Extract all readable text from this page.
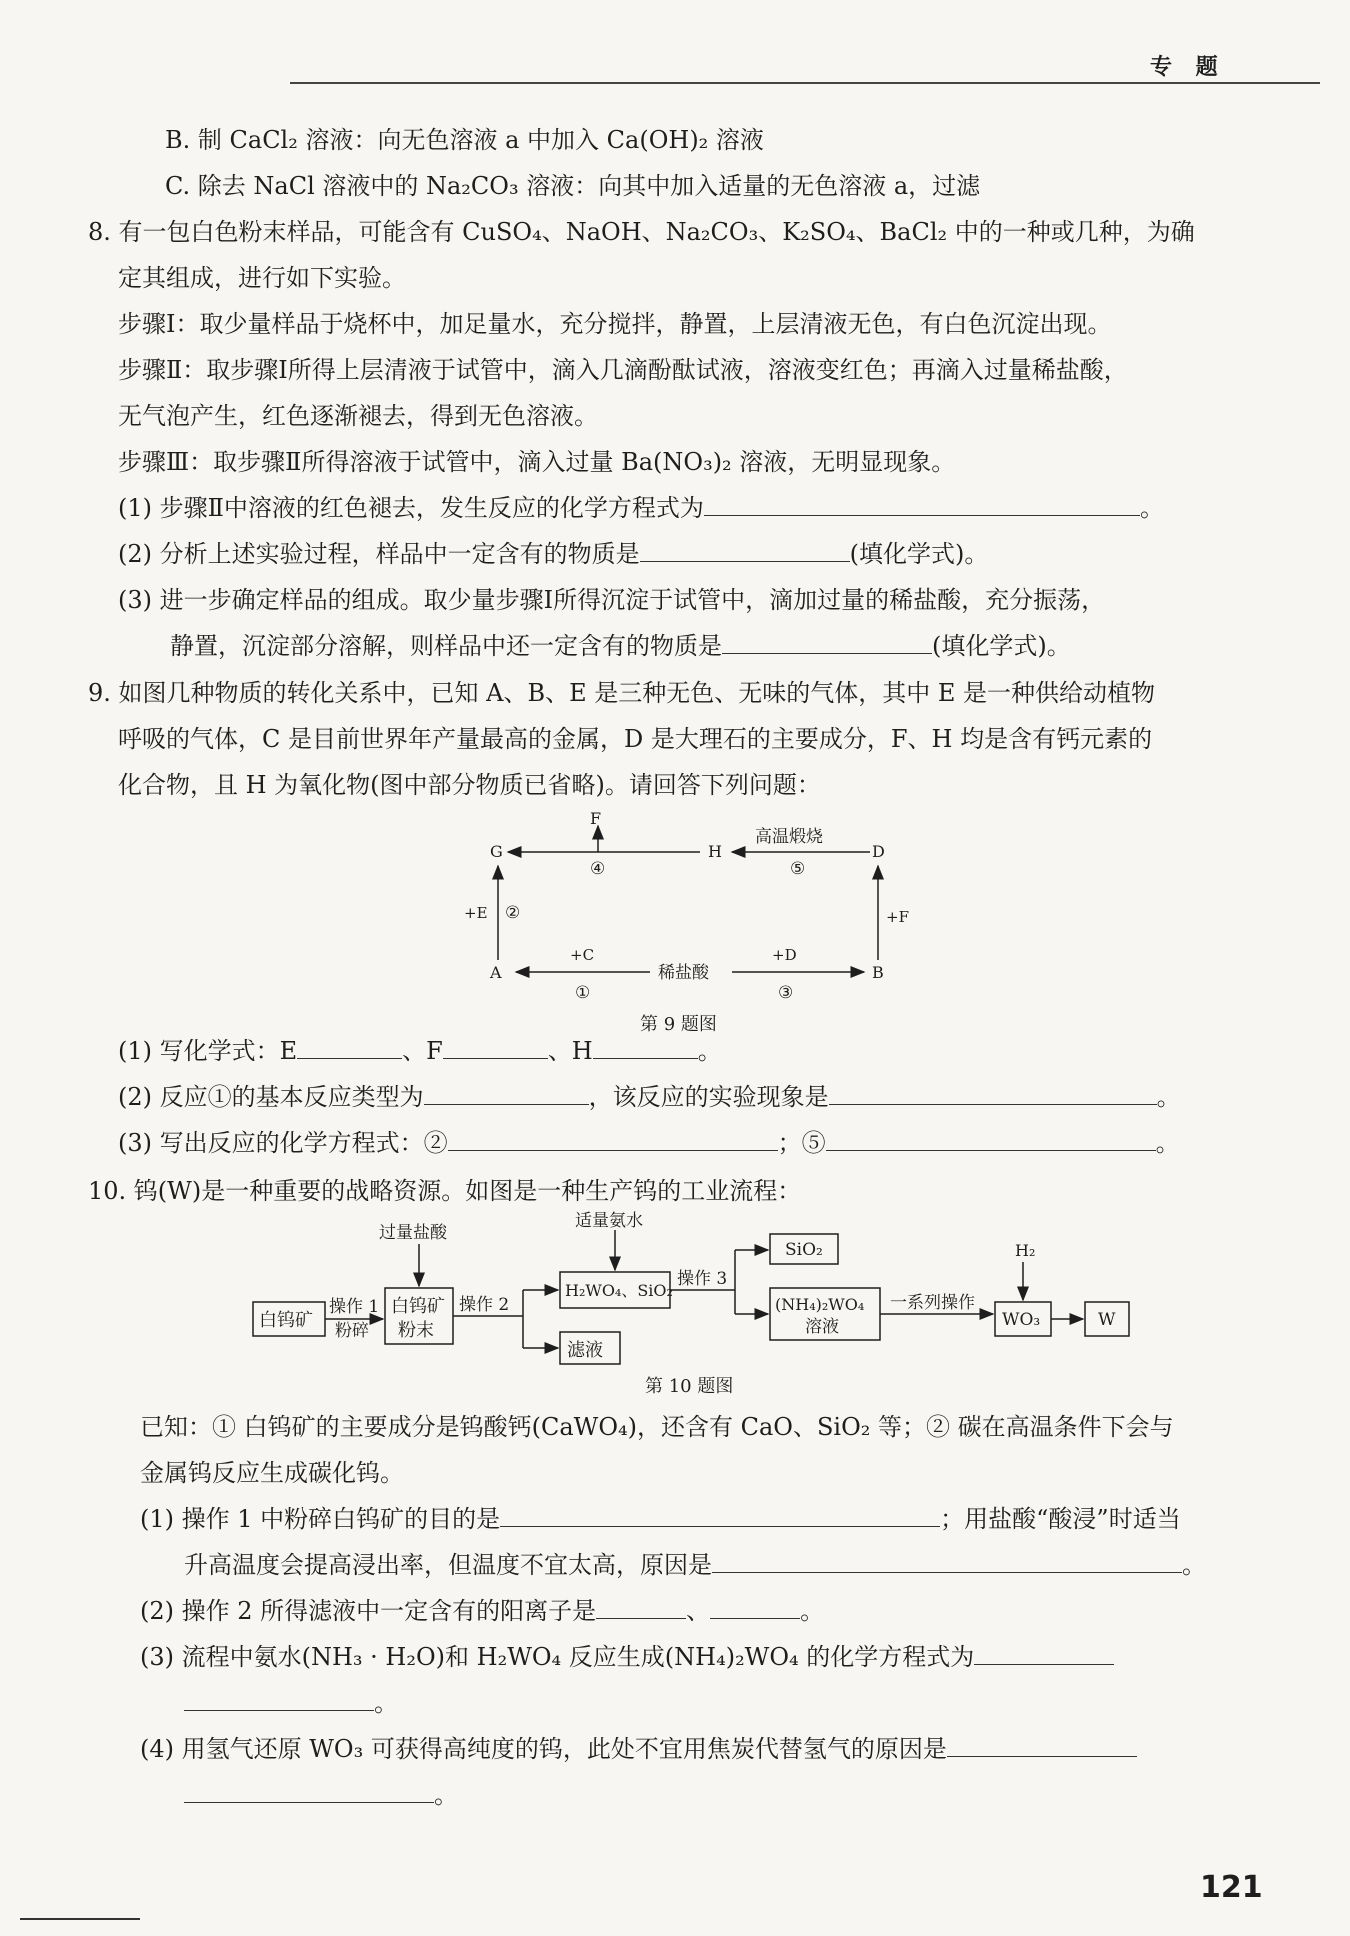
专 题
B. 制 CaCl₂ 溶液：向无色溶液 a 中加入 Ca(OH)₂ 溶液
C. 除去 NaCl 溶液中的 Na₂CO₃ 溶液：向其中加入适量的无色溶液 a，过滤
8. 有一包白色粉末样品，可能含有 CuSO₄、NaOH、Na₂CO₃、K₂SO₄、BaCl₂ 中的一种或几种，为确
定其组成，进行如下实验。
步骤Ⅰ：取少量样品于烧杯中，加足量水，充分搅拌，静置，上层清液无色，有白色沉淀出现。
步骤Ⅱ：取步骤Ⅰ所得上层清液于试管中，滴入几滴酚酞试液，溶液变红色；再滴入过量稀盐酸，
无气泡产生，红色逐渐褪去，得到无色溶液。
步骤Ⅲ：取步骤Ⅱ所得溶液于试管中，滴入过量 Ba(NO₃)₂ 溶液，无明显现象。
(1) 步骤Ⅱ中溶液的红色褪去，发生反应的化学方程式为	。
(2) 分析上述实验过程，样品中一定含有的物质是	(填化学式)。
(3) 进一步确定样品的组成。取少量步骤Ⅰ所得沉淀于试管中，滴加过量的稀盐酸，充分振荡，
静置，沉淀部分溶解，则样品中还一定含有的物质是	(填化学式)。
9. 如图几种物质的转化关系中，已知 A、B、E 是三种无色、无味的气体，其中 E 是一种供给动植物
呼吸的气体，C 是目前世界年产量最高的金属，D 是大理石的主要成分，F、H 均是含有钙元素的
化合物，且 H 为氧化物(图中部分物质已省略)。请回答下列问题：
F
G	H	D
高温煅烧
⑤
④
+E ②	+F
A	B
+C	+D
稀盐酸
①	③
第 9 题图
(1) 写化学式：E	、F	、H	。
(2) 反应①的基本反应类型为	，该反应的实验现象是	。
(3) 写出反应的化学方程式：②	；⑤	。
10. 钨(W)是一种重要的战略资源。如图是一种生产钨的工业流程：
白钨矿
操作 1
粉碎
白钨矿
粉末
过量盐酸
操作 2
H₂WO₄、SiO₂
滤液
适量氨水
操作 3
SiO₂
(NH₄)₂WO₄
溶液
一系列操作
H₂
WO₃	W
第 10 题图
已知：① 白钨矿的主要成分是钨酸钙(CaWO₄)，还含有 CaO、SiO₂ 等；② 碳在高温条件下会与
金属钨反应生成碳化钨。
(1) 操作 1 中粉碎白钨矿的目的是	；用盐酸“酸浸”时适当
升高温度会提高浸出率，但温度不宜太高，原因是	。
(2) 操作 2 所得滤液中一定含有的阳离子是	、	。
(3) 流程中氨水(NH₃ · H₂O)和 H₂WO₄ 反应生成(NH₄)₂WO₄ 的化学方程式为
。
(4) 用氢气还原 WO₃ 可获得高纯度的钨，此处不宜用焦炭代替氢气的原因是
。
121
